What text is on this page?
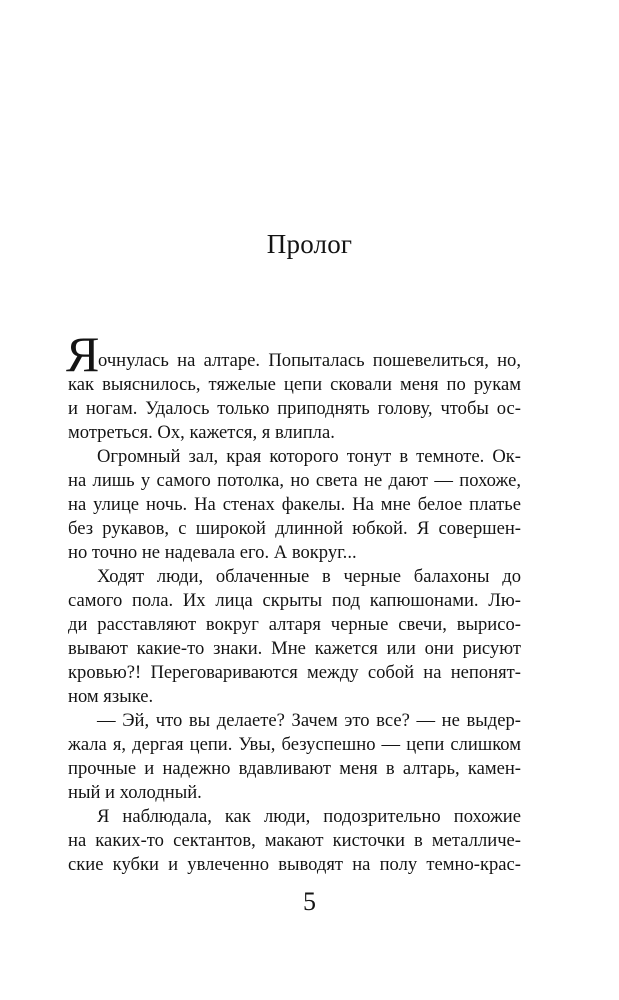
Пролог
Я
очнулась на алтаре. Попыталась пошевелиться, но,
как выяснилось, тяжелые цепи сковали меня по рукам
и ногам. Удалось только приподнять голову, чтобы ос-
мотреться. Ох, кажется, я влипла.
Огромный зал, края которого тонут в темноте. Ок-
на лишь у самого потолка, но света не дают — похоже,
на улице ночь. На стенах факелы. На мне белое платье
без рукавов, с широкой длинной юбкой. Я совершен-
но точно не надевала его. А вокруг...
Ходят люди, облаченные в черные балахоны до
самого пола. Их лица скрыты под капюшонами. Лю-
ди расставляют вокруг алтаря черные свечи, вырисо-
вывают какие-то знаки. Мне кажется или они рисуют
кровью?! Переговариваются между собой на непонят-
ном языке.
— Эй, что вы делаете? Зачем это все? — не выдер-
жала я, дергая цепи. Увы, безуспешно — цепи слишком
прочные и надежно вдавливают меня в алтарь, камен-
ный и холодный.
Я наблюдала, как люди, подозрительно похожие
на каких-то сектантов, макают кисточки в металличе-
ские кубки и увлеченно выводят на полу темно-крас-
5
